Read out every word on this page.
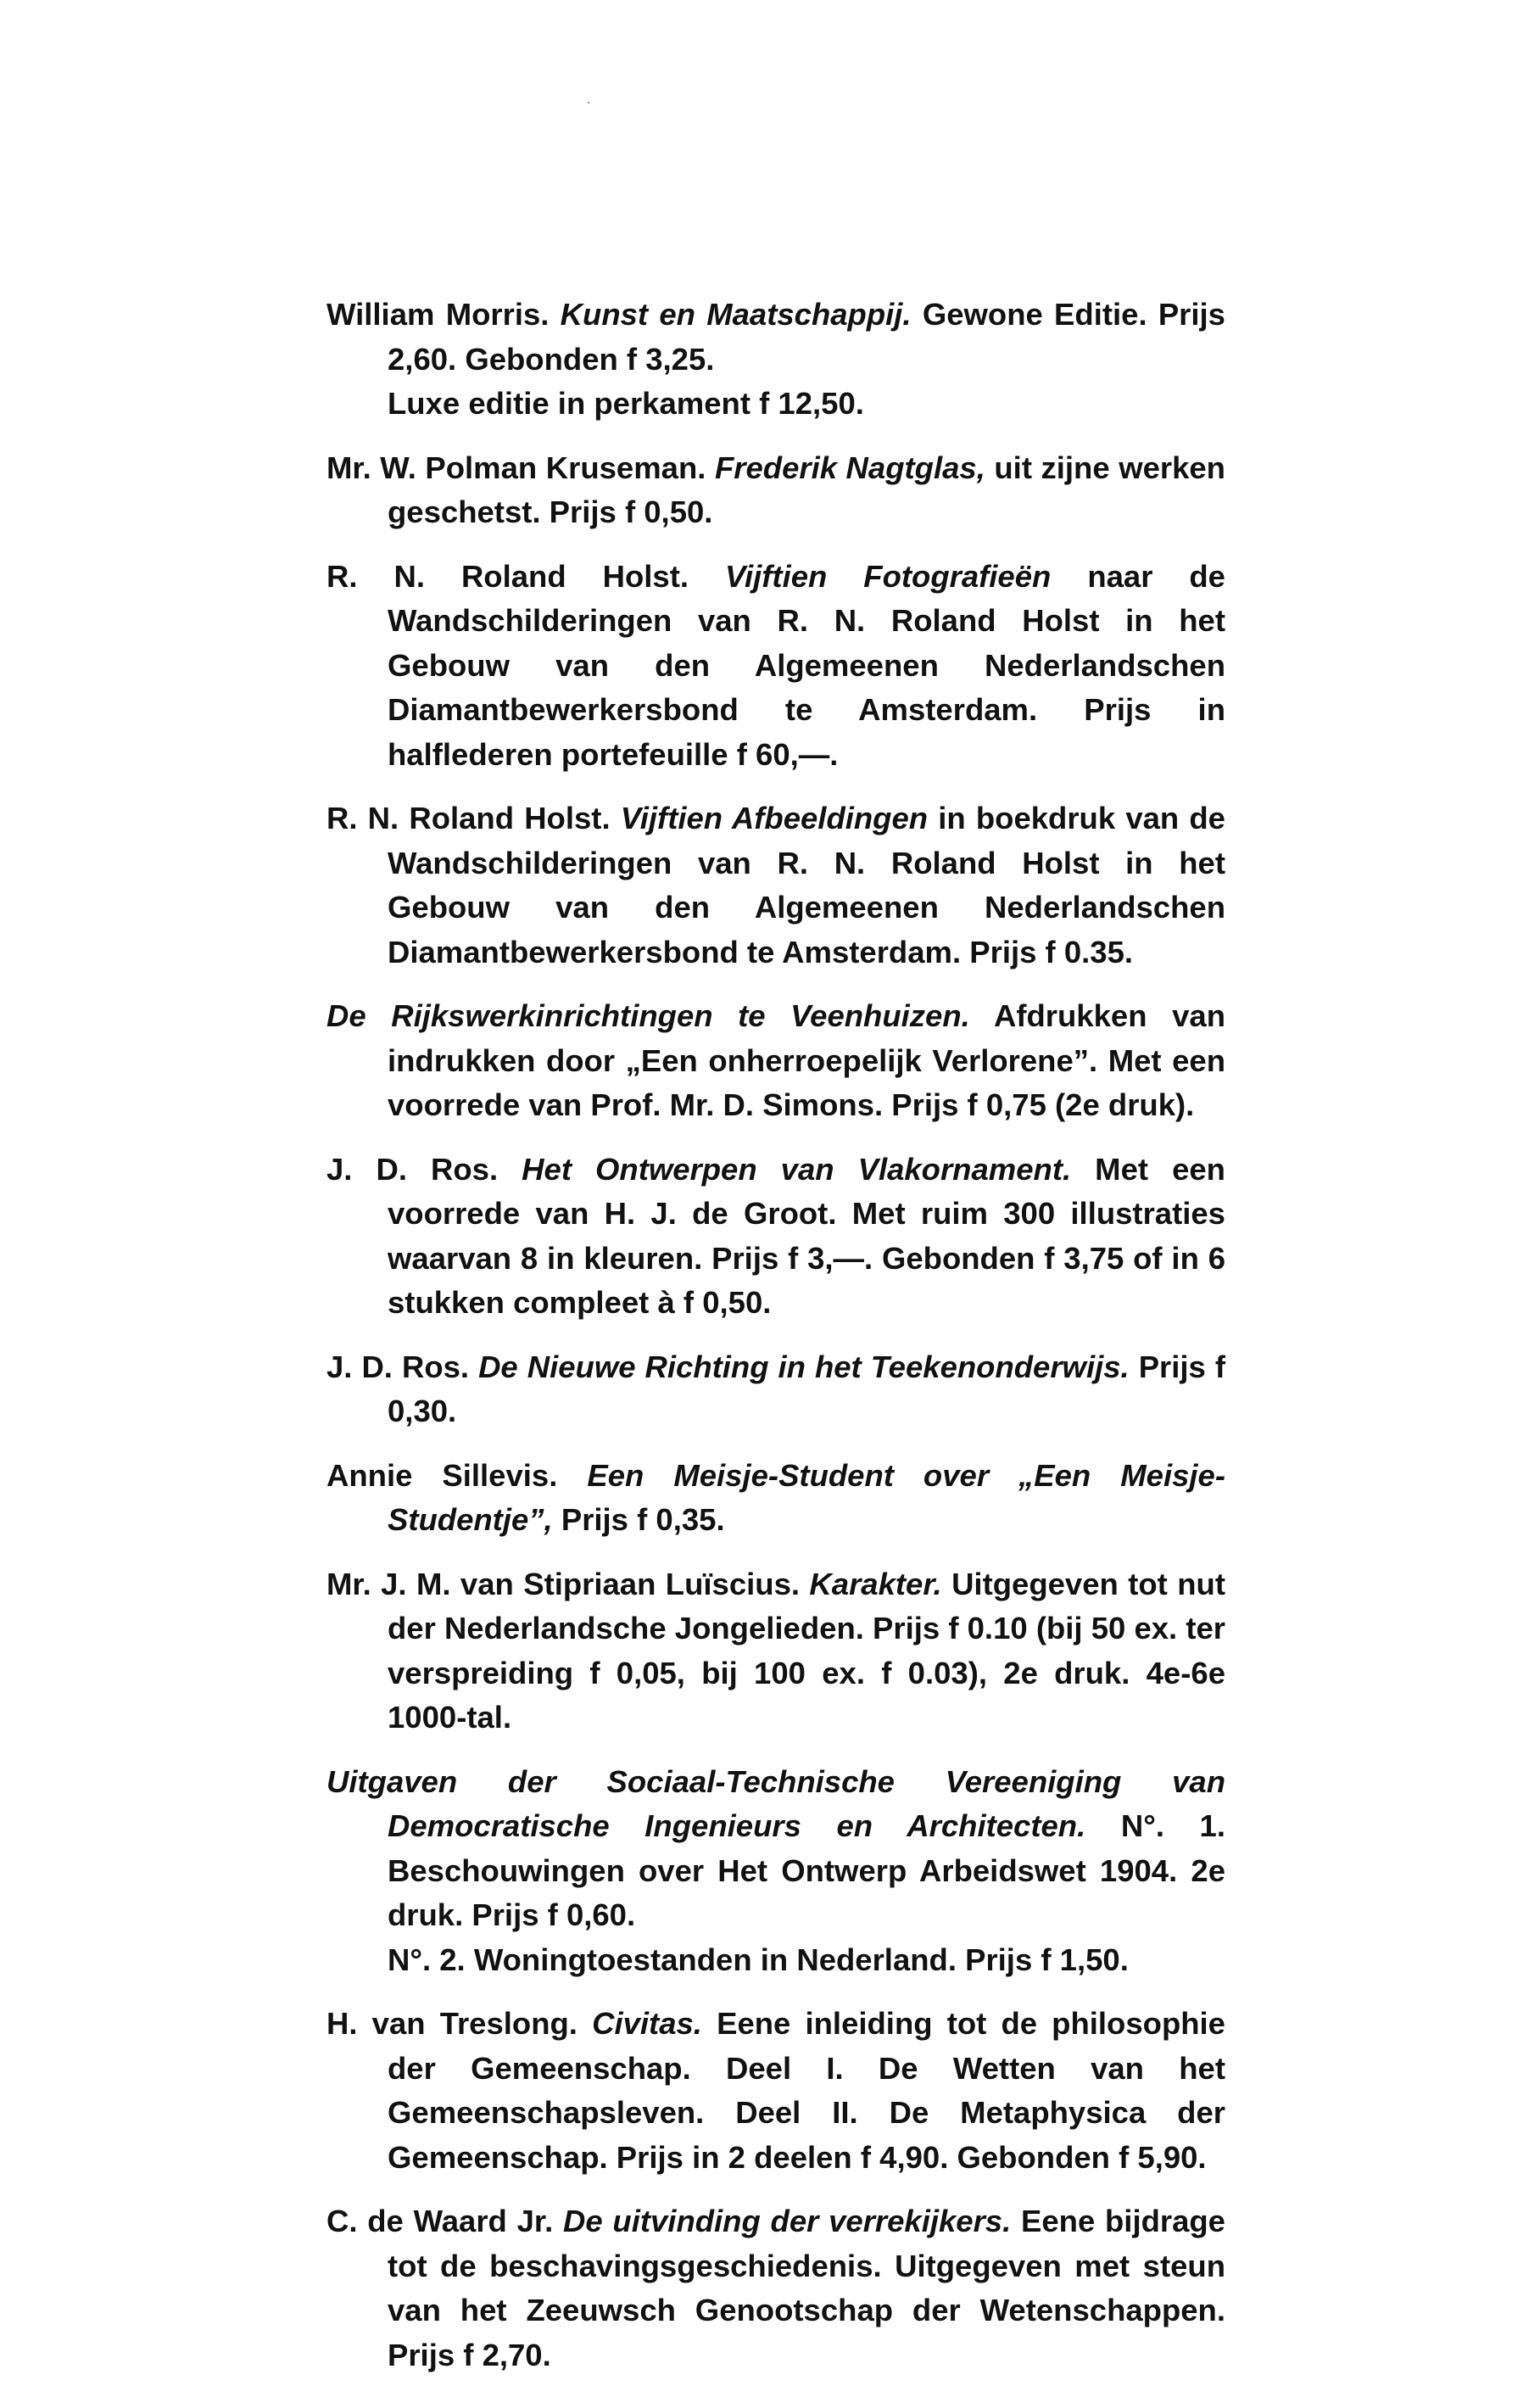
William Morris. Kunst en Maatschappij. Gewone Editie. Prijs 2,60. Gebonden f 3,25.
Luxe editie in perkament f 12,50.

Mr. W. Polman Kruseman. Frederik Nagtglas, uit zijne werken geschetst. Prijs f 0,50.

R. N. Roland Holst. Vijftien Fotografieën naar de Wandschilderingen van R. N. Roland Holst in het Gebouw van den Algemeenen Nederlandschen Diamantbewerkersbond te Amsterdam. Prijs in halflederen portefeuille f 60,—.

R. N. Roland Holst. Vijftien Afbeeldingen in boekdruk van de Wandschilderingen van R. N. Roland Holst in het Gebouw van den Algemeenen Nederlandschen Diamantbewerkersbond te Amsterdam. Prijs f 0.35.

De Rijkswerkinrichtingen te Veenhuizen. Afdrukken van indrukken door „Een onherroepelijk Verlorene”. Met een voorrede van Prof. Mr. D. Simons. Prijs f 0,75 (2e druk).

J. D. Ros. Het Ontwerpen van Vlakornament. Met een voorrede van H. J. de Groot. Met ruim 300 illustraties waarvan 8 in kleuren. Prijs f 3,—. Gebonden f 3,75 of in 6 stukken compleet à f 0,50.

J. D. Ros. De Nieuwe Richting in het Teekenonderwijs. Prijs f 0,30.

Annie Sillevis. Een Meisje-Student over „Een Meisje-Studentje”, Prijs f 0,35.

Mr. J. M. van Stipriaan Luïscius. Karakter. Uitgegeven tot nut der Nederlandsche Jongelieden. Prijs f 0.10 (bij 50 ex. ter verspreiding f 0,05, bij 100 ex. f 0.03), 2e druk. 4e-6e 1000-tal.

Uitgaven der Sociaal-Technische Vereeniging van Democratische Ingenieurs en Architecten. N°. 1. Beschouwingen over Het Ontwerp Arbeidswet 1904. 2e druk. Prijs f 0,60.
N°. 2. Woningtoestanden in Nederland. Prijs f 1,50.

H. van Treslong. Civitas. Eene inleiding tot de philosophie der Gemeenschap. Deel I. De Wetten van het Gemeenschapsleven. Deel II. De Metaphysica der Gemeenschap. Prijs in 2 deelen f 4,90. Gebonden f 5,90.

C. de Waard Jr. De uitvinding der verrekijkers. Eene bijdrage tot de beschavingsgeschiedenis. Uitgegeven met steun van het Zeeuwsch Genootschap der Wetenschappen. Prijs f 2,70.
